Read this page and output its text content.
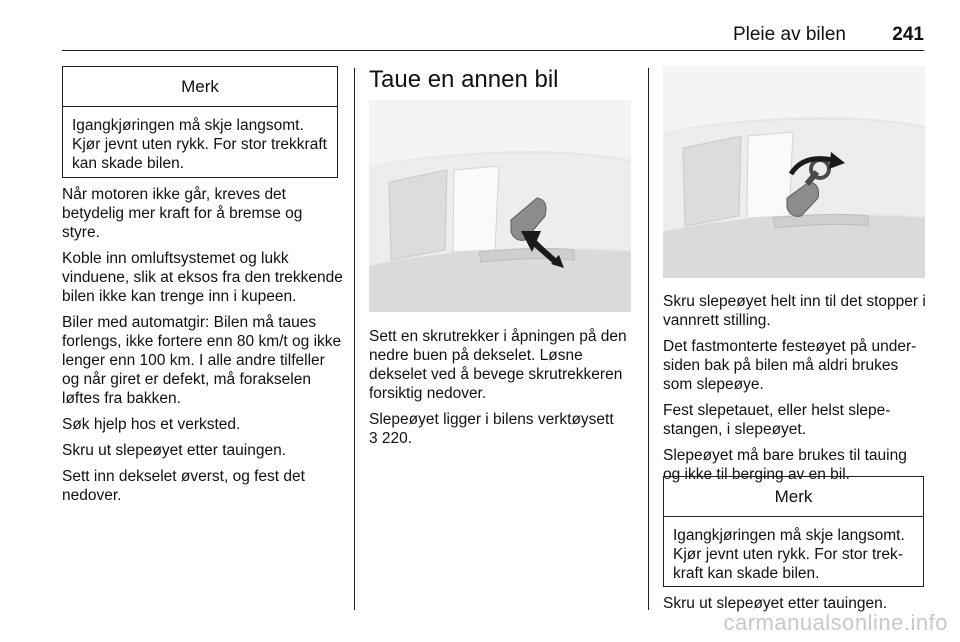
Pleie av bilen 241
Merk
Igangkjøringen må skje langsomt. Kjør jevnt uten rykk. For stor trekkraft kan skade bilen.

Når motoren ikke går, kreves det betydelig mer kraft for å bremse og styre.

Koble inn omluftsystemet og lukk vinduene, slik at eksos fra den trekkende bilen ikke kan trenge inn i kupeen.

Biler med automatgir: Bilen må taues forlengs, ikke fortere enn 80 km/t og ikke lenger enn 100 km. I alle andre tilfeller og når giret er defekt, må forakselen løftes fra bakken.

Søk hjelp hos et verksted.

Skru ut slepeøyet etter tauingen.

Sett inn dekselet øverst, og fest det nedover.

Taue en annen bil

Sett en skrutrekker i åpningen på den nedre buen på dekselet. Løsne dekselet ved å bevege skrutrekkeren forsiktig nedover.

Slepeøyet ligger i bilens verktøysett

3 220.

Skru slepeøyet helt inn til det stopper i vannrett stilling.

Det fastmonterte festeøyet på undersiden bak på bilen må aldri brukes som slepeøye.

Fest slepetauet, eller helst slepestangen, i slepeøyet.

Slepeøyet må bare brukes til tauing og ikke til berging av en bil.

Merk
Igangkjøringen må skje langsomt. Kjør jevnt uten rykk. For stor trekkraft kan skade bilen.

Skru ut slepeøyet etter tauingen.

carmanualsonline.info
